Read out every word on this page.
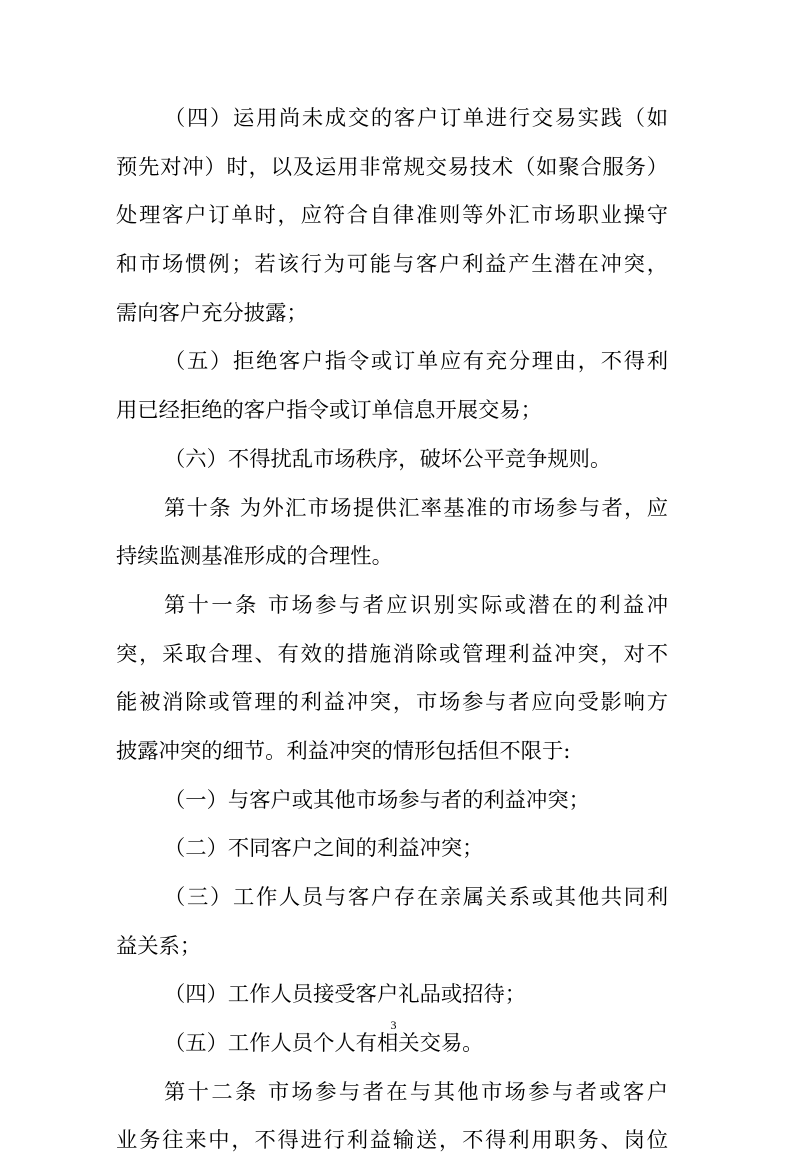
（四）运用尚未成交的客户订单进行交易实践（如
预先对冲）时，以及运用非常规交易技术（如聚合服务）
处理客户订单时，应符合自律准则等外汇市场职业操守
和市场惯例；若该行为可能与客户利益产生潜在冲突，
需向客户充分披露；
（五）拒绝客户指令或订单应有充分理由，不得利
用已经拒绝的客户指令或订单信息开展交易；
（六）不得扰乱市场秩序，破坏公平竞争规则。
第十条 为外汇市场提供汇率基准的市场参与者，应
持续监测基准形成的合理性。
第十一条 市场参与者应识别实际或潜在的利益冲
突，采取合理、有效的措施消除或管理利益冲突，对不
能被消除或管理的利益冲突，市场参与者应向受影响方
披露冲突的细节。利益冲突的情形包括但不限于:
（一）与客户或其他市场参与者的利益冲突；
（二）不同客户之间的利益冲突；
（三）工作人员与客户存在亲属关系或其他共同利
益关系；
（四）工作人员接受客户礼品或招待；
（五）工作人员个人有相关交易。
第十二条 市场参与者在与其他市场参与者或客户
业务往来中，不得进行利益输送，不得利用职务、岗位
3
